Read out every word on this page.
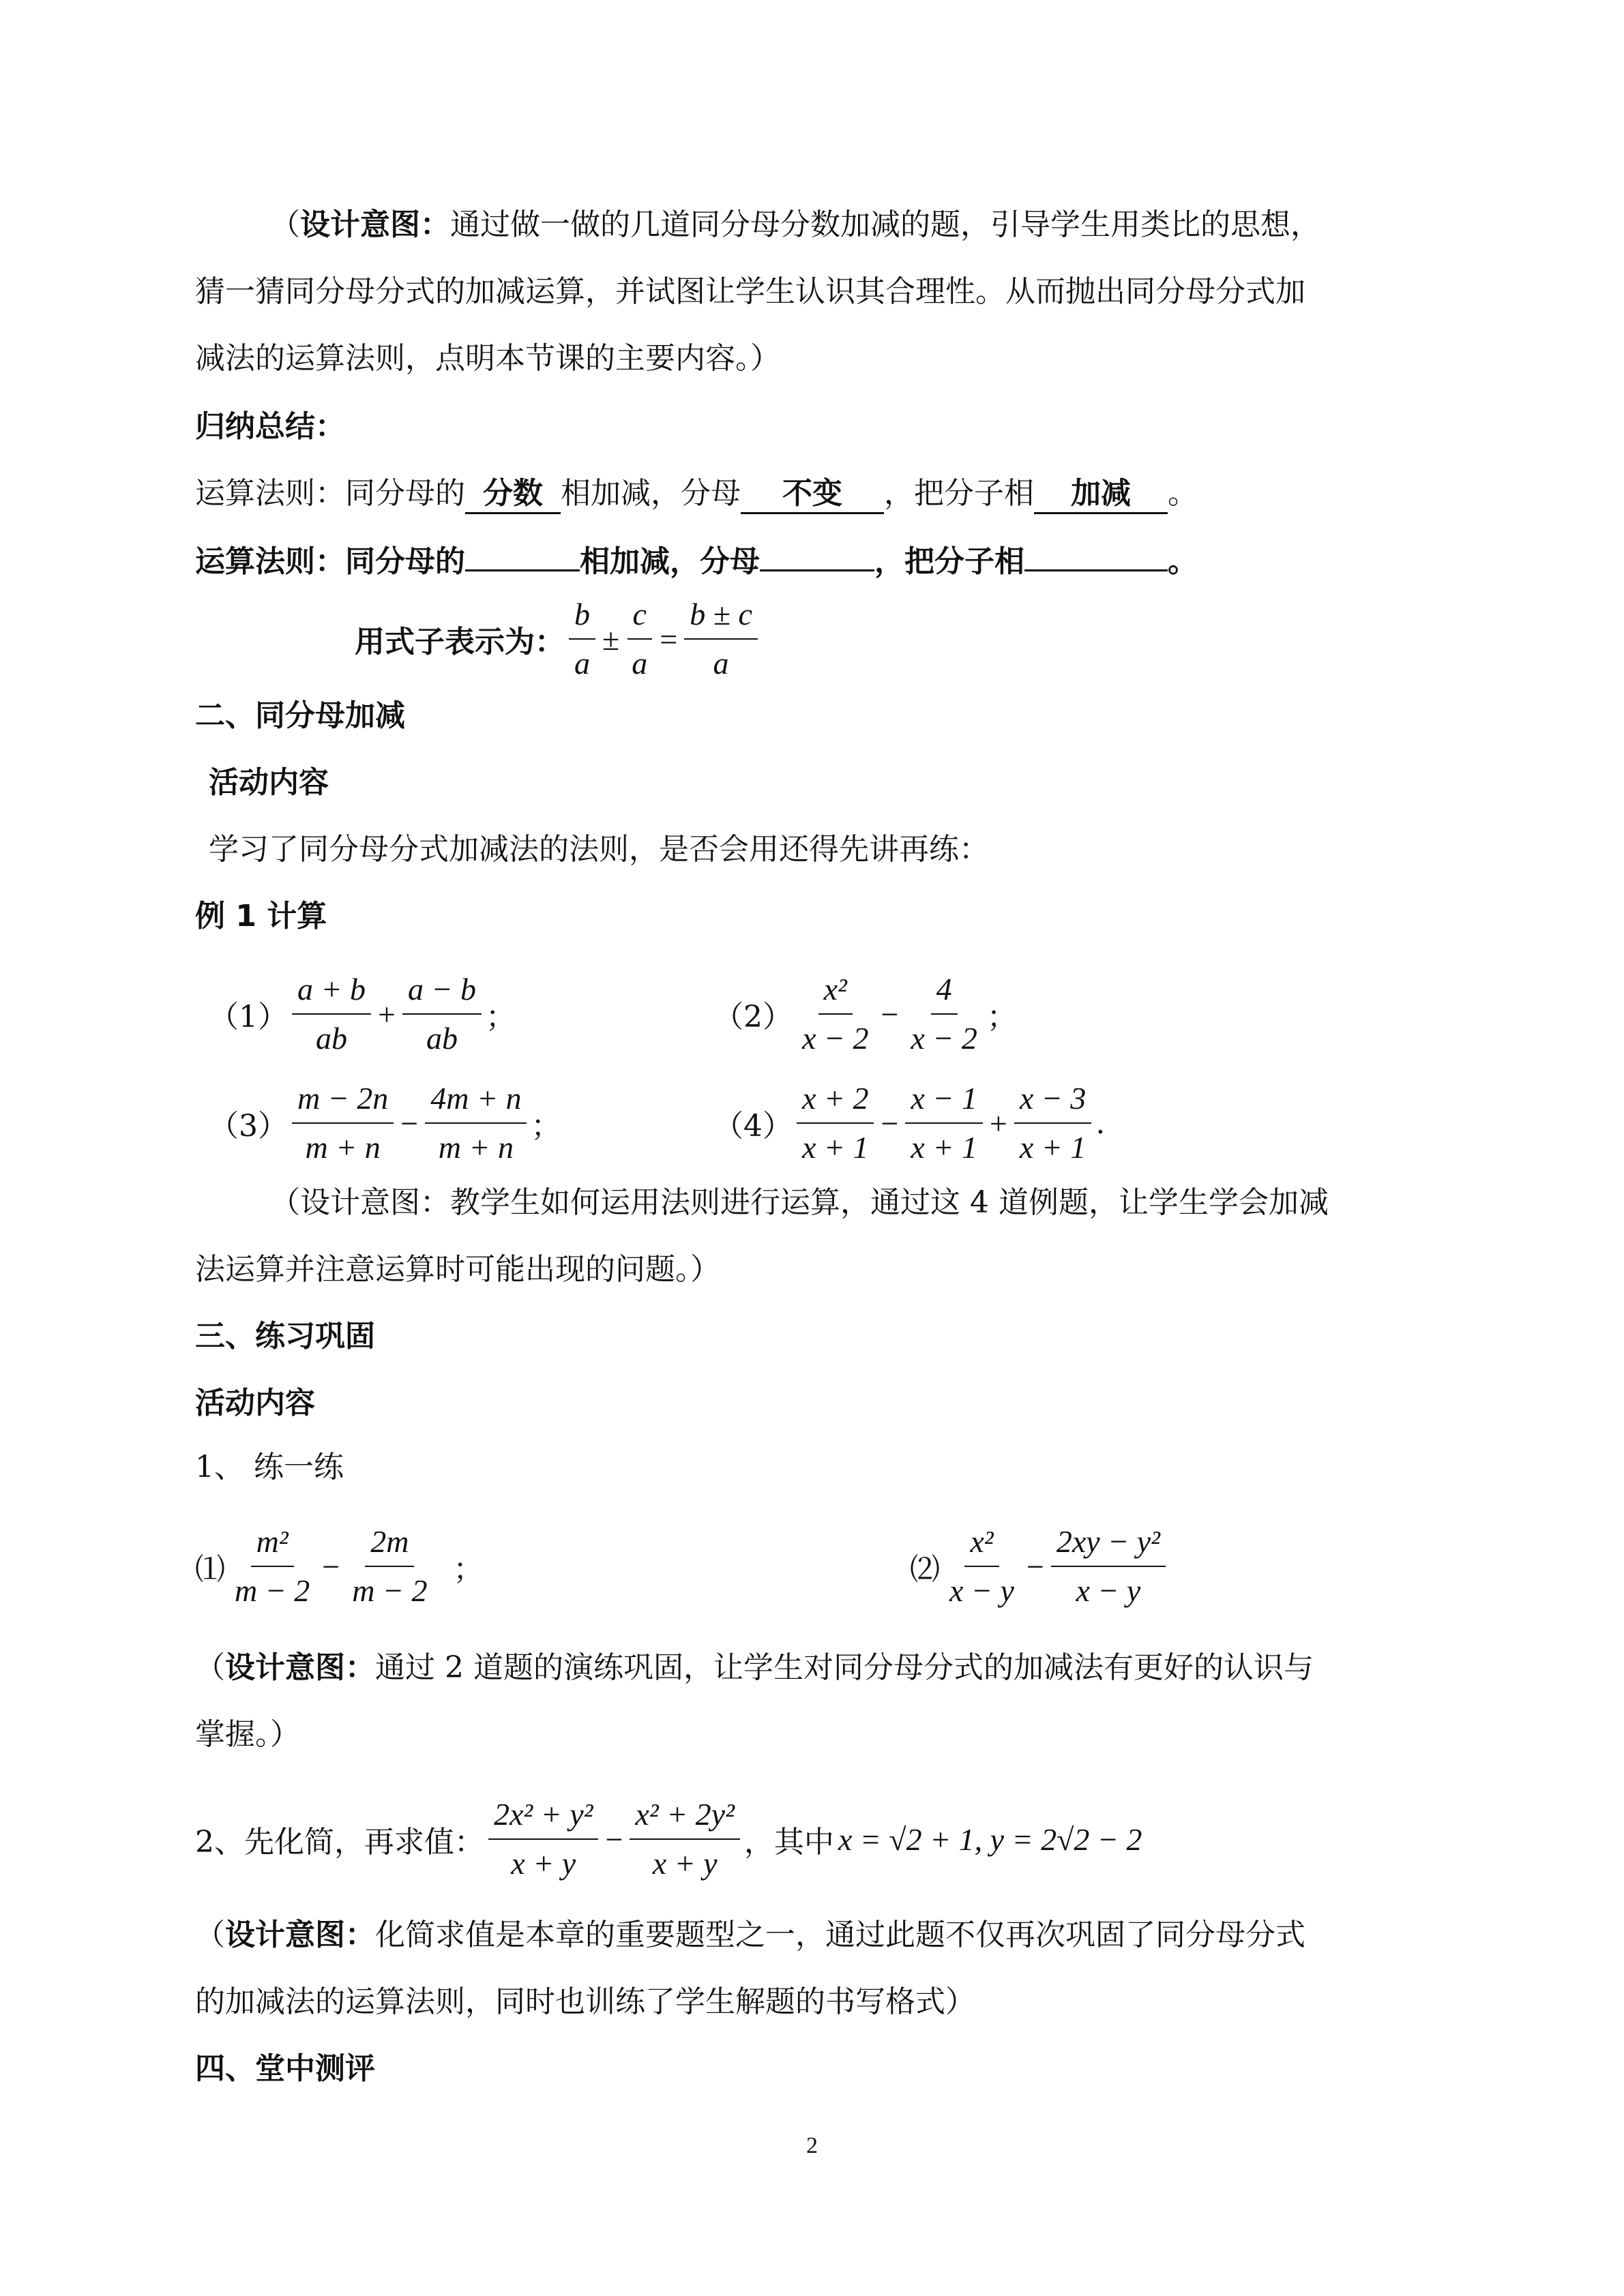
（设计意图：通过做一做的几道同分母分数加减的题，引导学生用类比的思想，
猜一猜同分母分式的加减运算，并试图让学生认识其合理性。从而抛出同分母分式加
减法的运算法则，点明本节课的主要内容。）
归纳总结：
运算法则：同分母的 分数 相加减，分母 不变 ，把分子相 加减 。
运算法则：同分母的	相加减，分母	，把分子相	。
用式子表示为： $\frac{b}{a} \pm \frac{c}{a} = \frac{b \pm c}{a}$
二、同分母加减
活动内容
学习了同分母分式加减法的法则，是否会用还得先讲再练：
例 1 计算
$(1) \frac{a + b}{ab} + \frac{a - b}{ab}$ ；	$(2) \frac{\text{x²}}{x - 2} - \frac{4}{x - 2}$ ；
$(3) \frac{m - 2n}{m + n} - \frac{4m + n}{m + n}$ ；	$(4) \frac{x + 2}{x + 1} - \frac{x - 1}{x + 1} + \frac{x - 3}{x + 1}$ .
（设计意图：教学生如何运用法则进行运算，通过这 4 道例题，让学生学会加减
法运算并注意运算时可能出现的问题。）
三、练习巩固
活动内容
1、 练一练
⑴ $\frac{\text{m²}}{m - 2} - \frac{2m}{m - 2}$ ；	⑵ $\frac{\text{x²}}{x - y} - \frac{\text{2xy − y²}}{x - y}$
（设计意图：通过 2 道题的演练巩固，让学生对同分母分式的加减法有更好的认识与
掌握。）
2、先化简，再求值： $\frac{\text{2x² + y²}}{x + y} - \frac{\text{x² + 2y²}}{x + y}$ ，其中 x = √2 + 1, y = 2√2 − 2
（设计意图：化简求值是本章的重要题型之一，通过此题不仅再次巩固了同分母分式
的加减法的运算法则，同时也训练了学生解题的书写格式）
四、堂中测评
2
